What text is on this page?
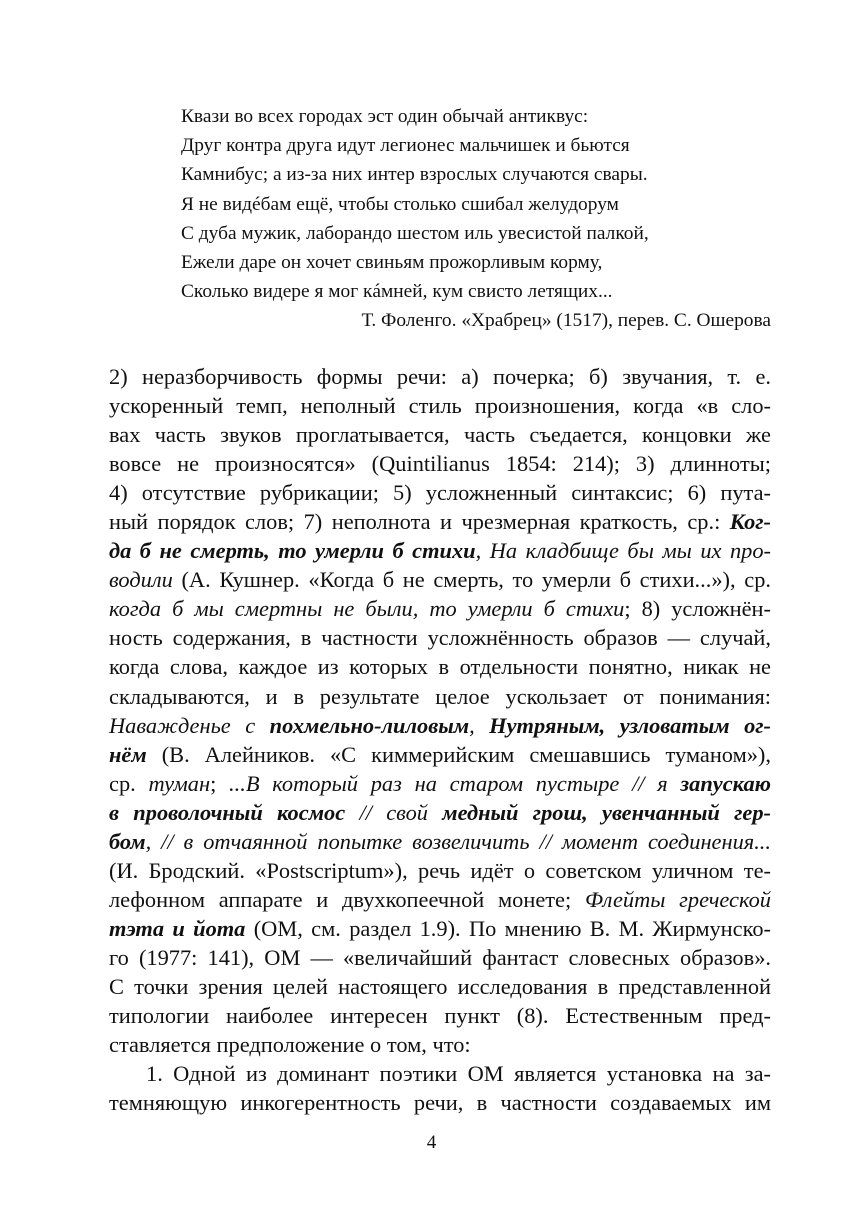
Квази во всех городах эст один обычай антиквус:
Друг контра друга идут легионес мальчишек и бьются
Камнибус; а из-за них интер взрослых случаются свары.
Я не видéбам ещё, чтобы столько сшибал желудорум
С дуба мужик, лаборандо шестом иль увесистой палкой,
Ежели даре он хочет свиньям прожорливым корму,
Сколько видере я мог кáмней, кум свисто летящих...
Т. Фоленго. «Храбрец» (1517), перев. С. Ошерова
2) неразборчивость формы речи: а) почерка; б) звучания, т. е.
ускоренный темп, неполный стиль произношения, когда «в сло-
вах часть звуков проглатывается, часть съедается, концовки же
вовсе не произносятся» (Quintilianus 1854: 214); 3) длинноты;
4) отсутствие рубрикации; 5) усложненный синтаксис; 6) пута-
ный порядок слов; 7) неполнота и чрезмерная краткость, ср.: Ког-
да б не смерть, то умерли б стихи, На кладбище бы мы их про-
водили (А. Кушнер. «Когда б не смерть, то умерли б стихи...»), ср.
когда б мы смертны не были, то умерли б стихи; 8) усложнён-
ность содержания, в частности усложнённость образов — случай,
когда слова, каждое из которых в отдельности понятно, никак не
складываются, и в результате целое ускользает от понимания:
Наважденье с похмельно-лиловым, Нутряным, узловатым ог-
нём (В. Алейников. «С киммерийским смешавшись туманом»),
ср. туман; ...В который раз на старом пустыре // я запускаю
в проволочный космос // свой медный грош, увенчанный гер-
бом, // в отчаянной попытке возвеличить // момент соединения...
(И. Бродский. «Postscriptum»), речь идёт о советском уличном те-
лефонном аппарате и двухкопеечной монете; Флейты греческой
тэта и йота (ОМ, см. раздел 1.9). По мнению В. М. Жирмунско-
го (1977: 141), ОМ — «величайший фантаст словесных образов».
С точки зрения целей настоящего исследования в представленной
типологии наиболее интересен пункт (8). Естественным пред-
ставляется предположение о том, что:
1. Одной из доминант поэтики ОМ является установка на за-
темняющую инкогерентность речи, в частности создаваемых им
4
